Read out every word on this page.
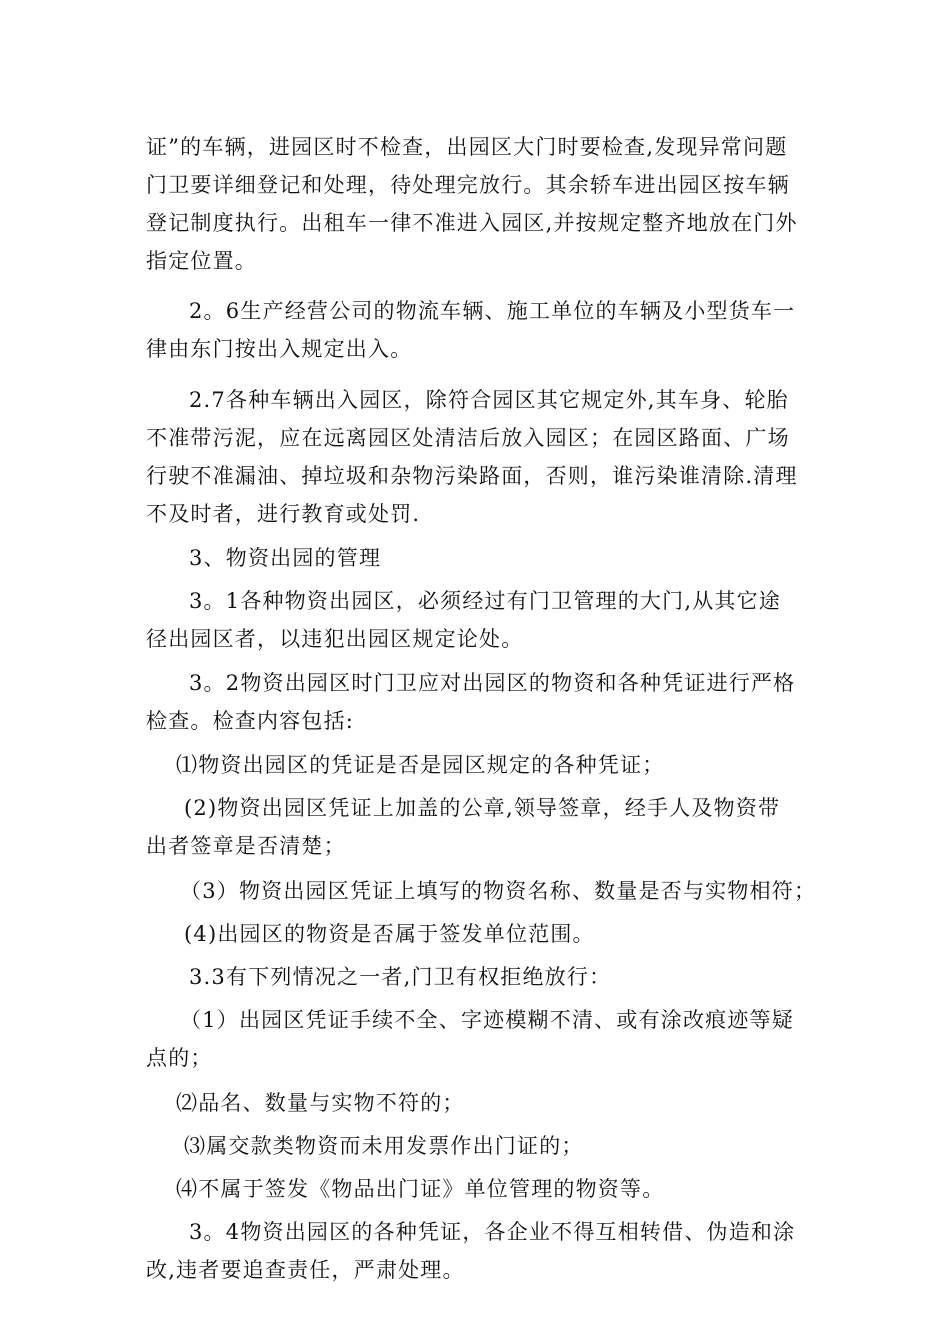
证”的车辆，进园区时不检查，出园区大门时要检查,发现异常问题
门卫要详细登记和处理，待处理完放行。其余轿车进出园区按车辆
登记制度执行。出租车一律不准进入园区,并按规定整齐地放在门外
指定位置。
2。6生产经营公司的物流车辆、施工单位的车辆及小型货车一
律由东门按出入规定出入。
2.7各种车辆出入园区，除符合园区其它规定外,其车身、轮胎
不准带污泥，应在远离园区处清洁后放入园区；在园区路面、广场
行驶不准漏油、掉垃圾和杂物污染路面，否则，谁污染谁清除.清理
不及时者，进行教育或处罚.
3、物资出园的管理
3。1各种物资出园区，必须经过有门卫管理的大门,从其它途
径出园区者，以违犯出园区规定论处。
3。2物资出园区时门卫应对出园区的物资和各种凭证进行严格
检查。检查内容包括:
⑴物资出园区的凭证是否是园区规定的各种凭证；
(2)物资出园区凭证上加盖的公章,领导签章，经手人及物资带
出者签章是否清楚；
（3）物资出园区凭证上填写的物资名称、数量是否与实物相符；
(4)出园区的物资是否属于签发单位范围。
3.3有下列情况之一者,门卫有权拒绝放行：
（1）出园区凭证手续不全、字迹模糊不清、或有涂改痕迹等疑
点的；
⑵品名、数量与实物不符的；
⑶属交款类物资而未用发票作出门证的；
⑷不属于签发《物品出门证》单位管理的物资等。
3。4物资出园区的各种凭证，各企业不得互相转借、伪造和涂
改,违者要追查责任，严肃处理。
